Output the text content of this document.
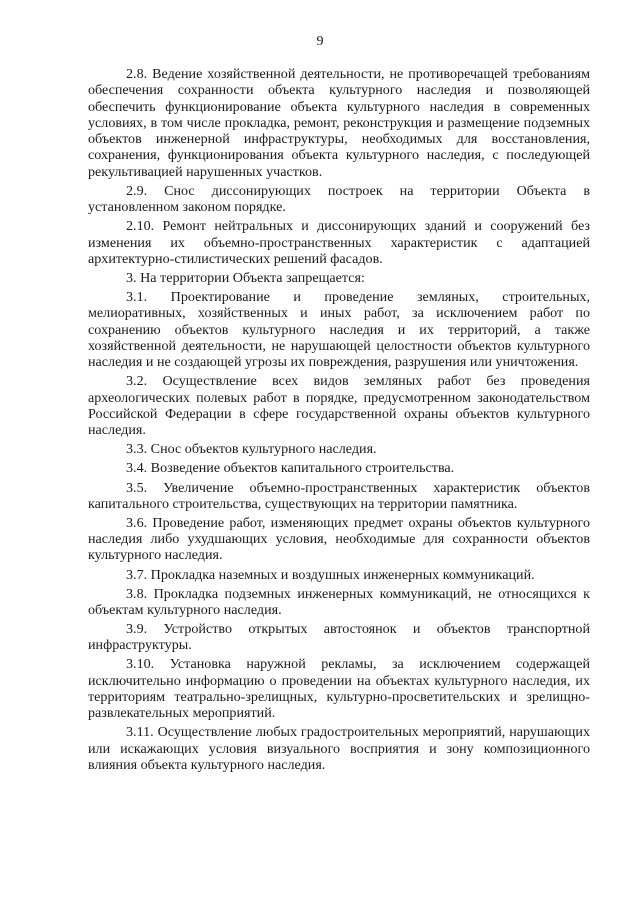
9

2.8. Ведение хозяйственной деятельности, не противоречащей требованиям обеспечения сохранности объекта культурного наследия и позволяющей обеспечить функционирование объекта культурного наследия в современных условиях, в том числе прокладка, ремонт, реконструкция и размещение подземных объектов инженерной инфраструктуры, необходимых для восстановления, сохранения, функционирования объекта культурного наследия, с последующей рекультивацией нарушенных участков.

2.9. Снос диссонирующих построек на территории Объекта в установленном законом порядке.

2.10. Ремонт нейтральных и диссонирующих зданий и сооружений без изменения их объемно-пространственных характеристик с адаптацией архитектурно-стилистических решений фасадов.

3. На территории Объекта запрещается:

3.1. Проектирование и проведение земляных, строительных, мелиоративных, хозяйственных и иных работ, за исключением работ по сохранению объектов культурного наследия и их территорий, а также хозяйственной деятельности, не нарушающей целостности объектов культурного наследия и не создающей угрозы их повреждения, разрушения или уничтожения.

3.2. Осуществление всех видов земляных работ без проведения археологических полевых работ в порядке, предусмотренном законодательством Российской Федерации в сфере государственной охраны объектов культурного наследия.

3.3. Снос объектов культурного наследия.

3.4. Возведение объектов капитального строительства.

3.5. Увеличение объемно-пространственных характеристик объектов капитального строительства, существующих на территории памятника.

3.6. Проведение работ, изменяющих предмет охраны объектов культурного наследия либо ухудшающих условия, необходимые для сохранности объектов культурного наследия.

3.7. Прокладка наземных и воздушных инженерных коммуникаций.

3.8. Прокладка подземных инженерных коммуникаций, не относящихся к объектам культурного наследия.

3.9. Устройство открытых автостоянок и объектов транспортной инфраструктуры.

3.10. Установка наружной рекламы, за исключением содержащей исключительно информацию о проведении на объектах культурного наследия, их территориям театрально-зрелищных, культурно-просветительских и зрелищно-развлекательных мероприятий.

3.11. Осуществление любых градостроительных мероприятий, нарушающих или искажающих условия визуального восприятия и зону композиционного влияния объекта культурного наследия.
